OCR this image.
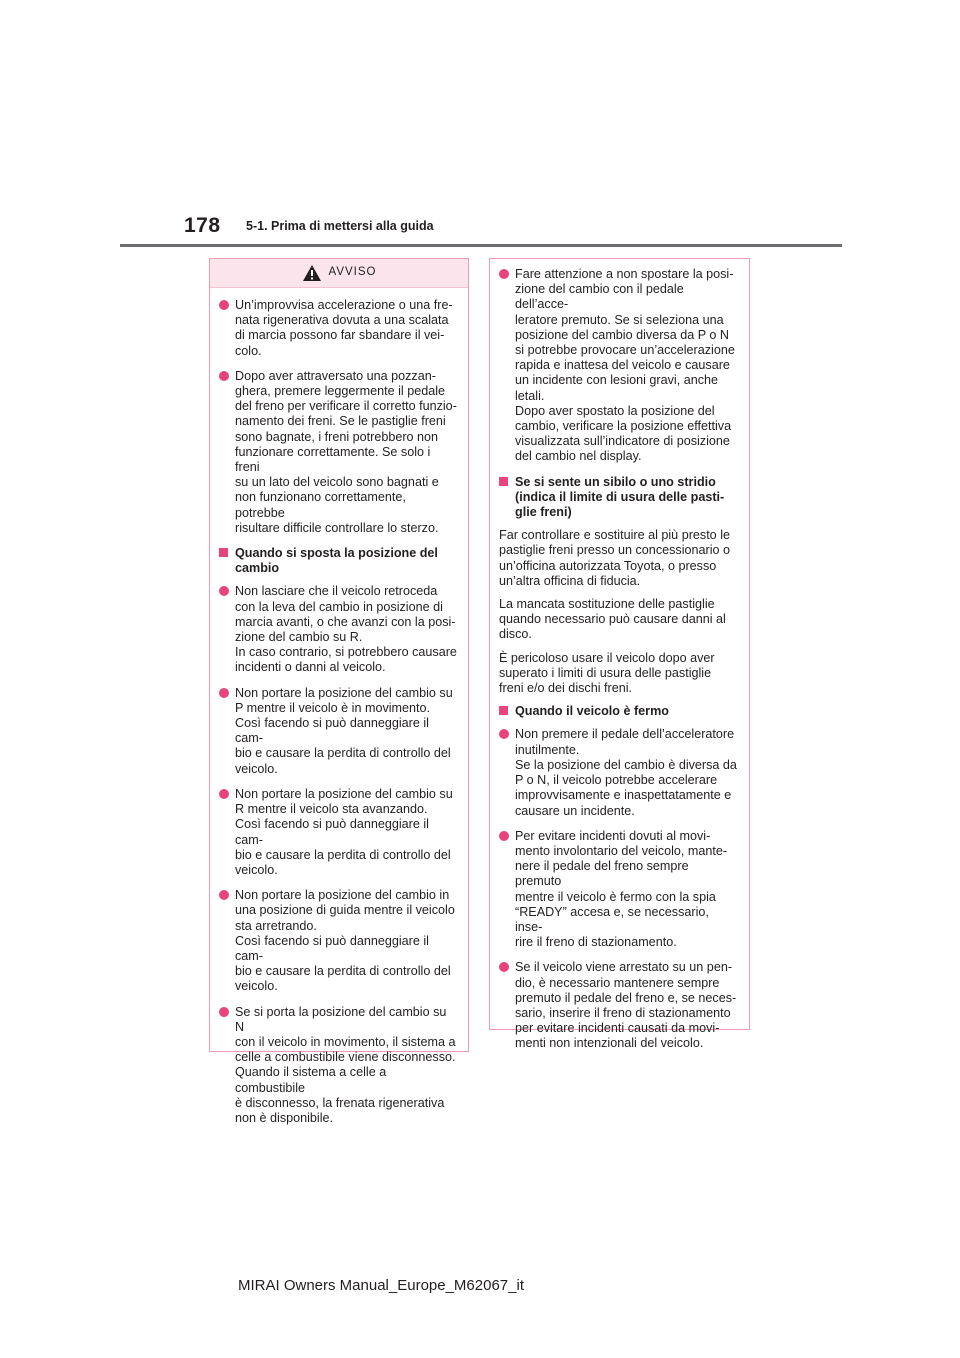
178 5-1. Prima di mettersi alla guida
AVVISO
Un’improvvisa accelerazione o una fre-
nata rigenerativa dovuta a una scalata
di marcia possono far sbandare il vei-
colo.
Dopo aver attraversato una pozzan-
ghera, premere leggermente il pedale
del freno per verificare il corretto funzio-
namento dei freni. Se le pastiglie freni
sono bagnate, i freni potrebbero non
funzionare correttamente. Se solo i freni
su un lato del veicolo sono bagnati e
non funzionano correttamente, potrebbe
risultare difficile controllare lo sterzo.
Quando si sposta la posizione del
cambio
Non lasciare che il veicolo retroceda
con la leva del cambio in posizione di
marcia avanti, o che avanzi con la posi-
zione del cambio su R.
In caso contrario, si potrebbero causare
incidenti o danni al veicolo.
Non portare la posizione del cambio su
P mentre il veicolo è in movimento.
Così facendo si può danneggiare il cam-
bio e causare la perdita di controllo del
veicolo.
Non portare la posizione del cambio su
R mentre il veicolo sta avanzando.
Così facendo si può danneggiare il cam-
bio e causare la perdita di controllo del
veicolo.
Non portare la posizione del cambio in
una posizione di guida mentre il veicolo
sta arretrando.
Così facendo si può danneggiare il cam-
bio e causare la perdita di controllo del
veicolo.
Se si porta la posizione del cambio su N
con il veicolo in movimento, il sistema a
celle a combustibile viene disconnesso.
Quando il sistema a celle a combustibile
è disconnesso, la frenata rigenerativa
non è disponibile.
Fare attenzione a non spostare la posi-
zione del cambio con il pedale dell’acce-
leratore premuto. Se si seleziona una
posizione del cambio diversa da P o N
si potrebbe provocare un’accelerazione
rapida e inattesa del veicolo e causare
un incidente con lesioni gravi, anche
letali.
Dopo aver spostato la posizione del
cambio, verificare la posizione effettiva
visualizzata sull’indicatore di posizione
del cambio nel display.
Se si sente un sibilo o uno stridio
(indica il limite di usura delle pasti-
glie freni)
Far controllare e sostituire al più presto le
pastiglie freni presso un concessionario o
un’officina autorizzata Toyota, o presso
un’altra officina di fiducia.
La mancata sostituzione delle pastiglie
quando necessario può causare danni al
disco.
È pericoloso usare il veicolo dopo aver
superato i limiti di usura delle pastiglie
freni e/o dei dischi freni.
Quando il veicolo è fermo
Non premere il pedale dell’acceleratore
inutilmente.
Se la posizione del cambio è diversa da
P o N, il veicolo potrebbe accelerare
improvvisamente e inaspettatamente e
causare un incidente.
Per evitare incidenti dovuti al movi-
mento involontario del veicolo, mante-
nere il pedale del freno sempre premuto
mentre il veicolo è fermo con la spia
“READY” accesa e, se necessario, inse-
rire il freno di stazionamento.
Se il veicolo viene arrestato su un pen-
dio, è necessario mantenere sempre
premuto il pedale del freno e, se neces-
sario, inserire il freno di stazionamento
per evitare incidenti causati da movi-
menti non intenzionali del veicolo.
MIRAI Owners Manual_Europe_M62067_it
